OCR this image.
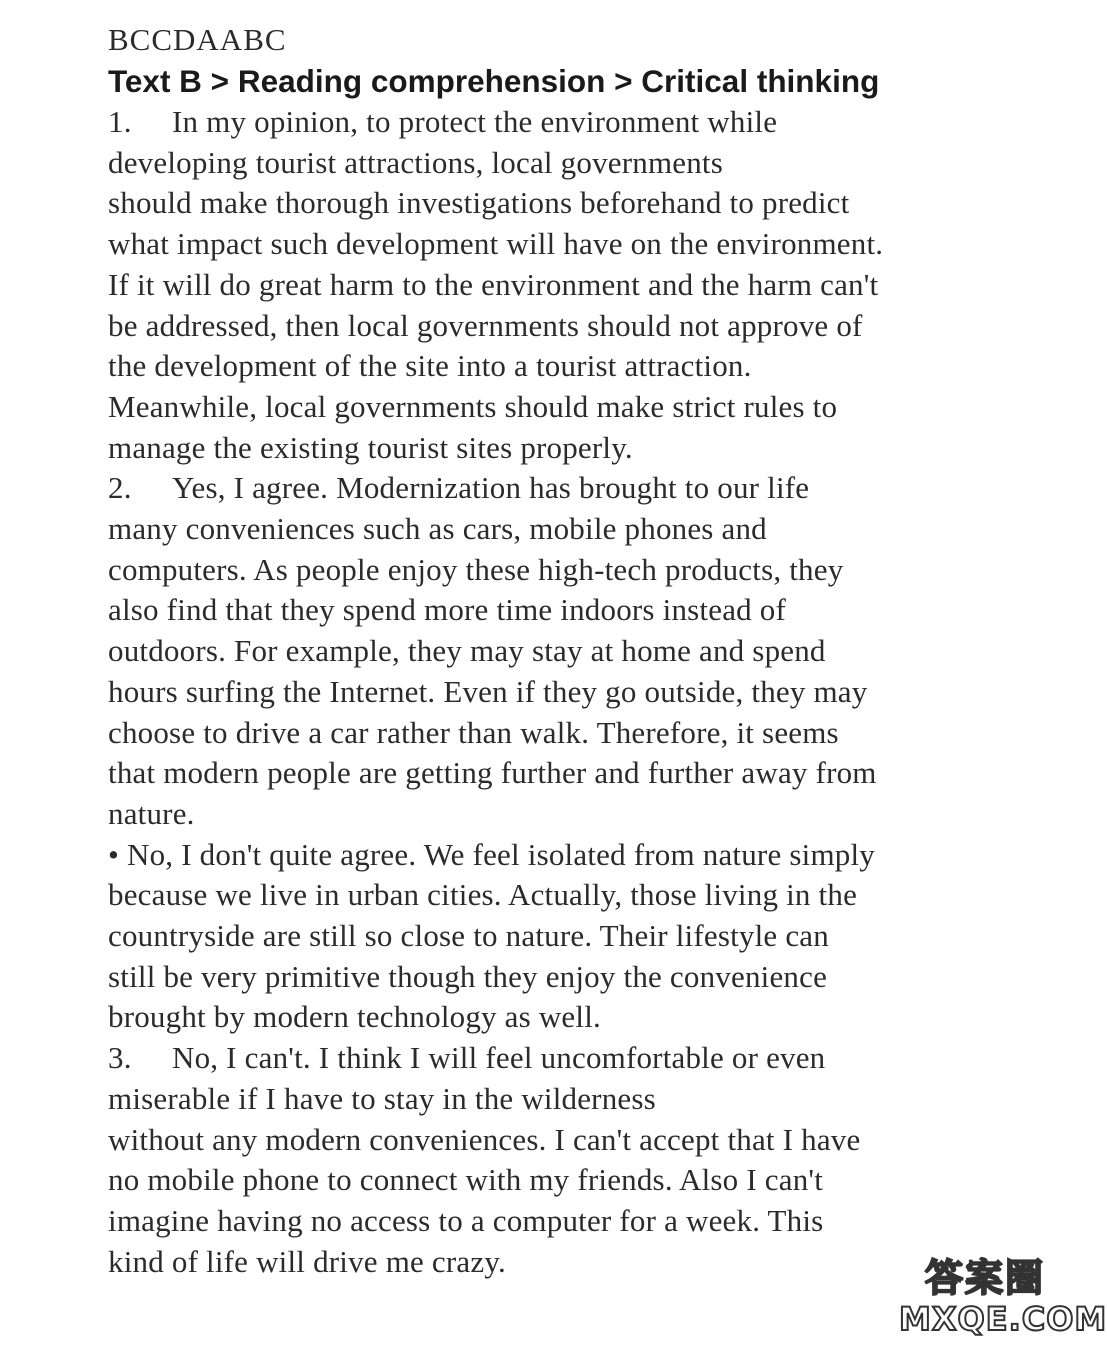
BCCDAABC
Text B > Reading comprehension > Critical thinking
1. In my opinion, to protect the environment while
developing tourist attractions, local governments
should make thorough investigations beforehand to predict
what impact such development will have on the environment.
If it will do great harm to the environment and the harm can't
be addressed, then local governments should not approve of
the development of the site into a tourist attraction.
Meanwhile, local governments should make strict rules to
manage the existing tourist sites properly.
2. Yes, I agree. Modernization has brought to our life
many conveniences such as cars, mobile phones and
computers. As people enjoy these high-tech products, they
also find that they spend more time indoors instead of
outdoors. For example, they may stay at home and spend
hours surfing the Internet. Even if they go outside, they may
choose to drive a car rather than walk. Therefore, it seems
that modern people are getting further and further away from
nature.
• No, I don't quite agree. We feel isolated from nature simply
because we live in urban cities. Actually, those living in the
countryside are still so close to nature. Their lifestyle can
still be very primitive though they enjoy the convenience
brought by modern technology as well.
3. No, I can't. I think I will feel uncomfortable or even
miserable if I have to stay in the wilderness
without any modern conveniences. I can't accept that I have
no mobile phone to connect with my friends. Also I can't
imagine having no access to a computer for a week. This
kind of life will drive me crazy.	答案圈
MXQE.COM
